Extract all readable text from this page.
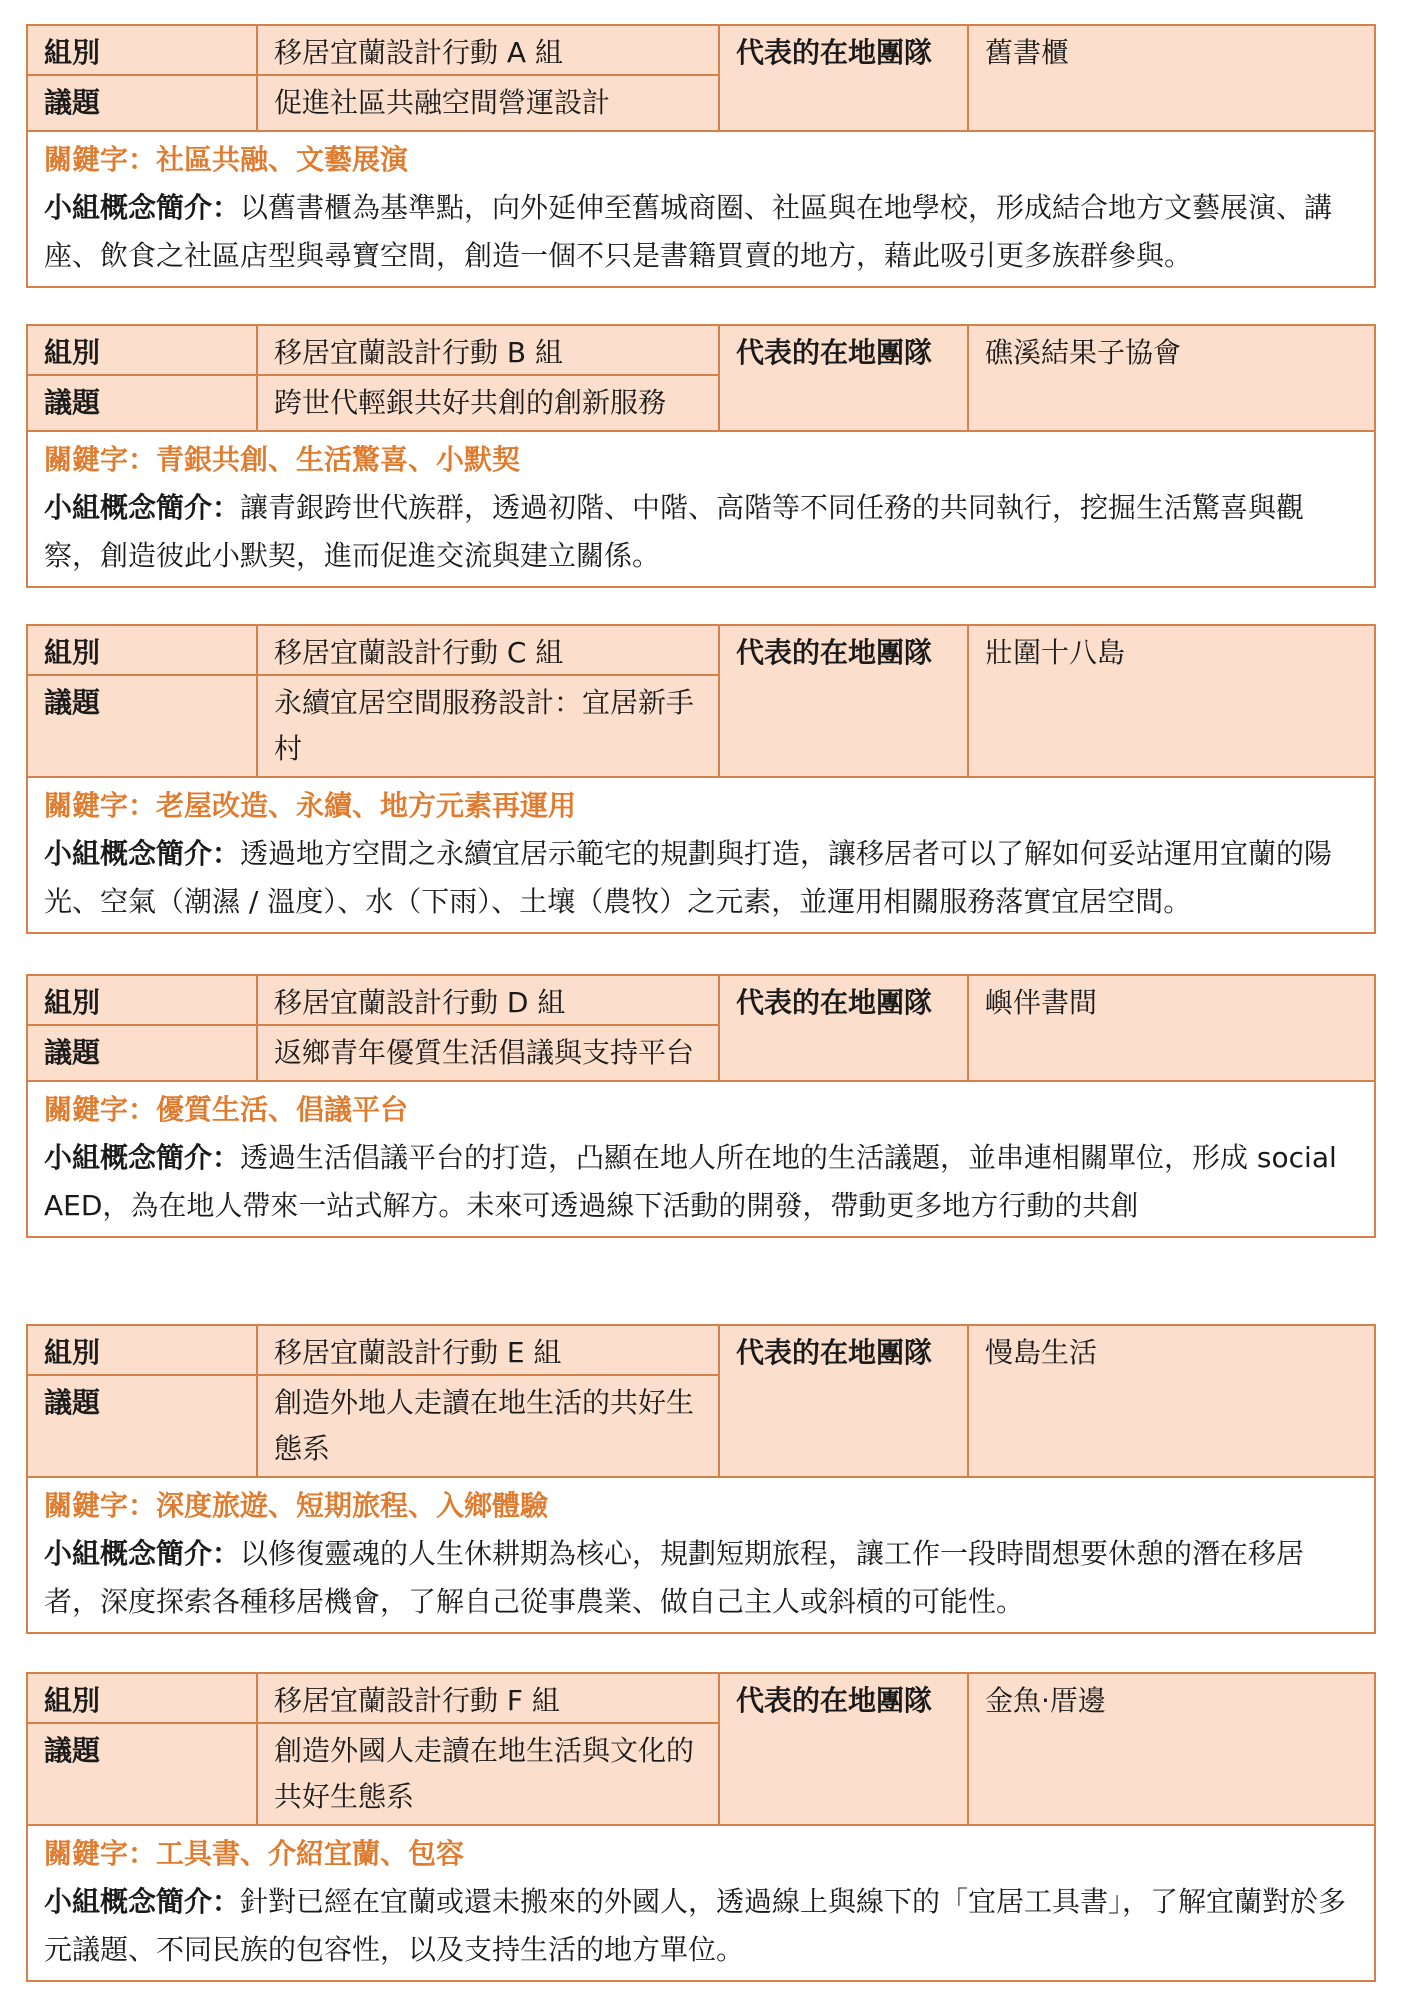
組別	移居宜蘭設計行動 A 組	代表的在地團隊	舊書櫃
議題	促進社區共融空間營運設計
關鍵字：社區共融、文藝展演
小組概念簡介：以舊書櫃為基準點，向外延伸至舊城商圈、社區與在地學校，形成結合地方文藝展演、講座、飲食之社區店型與尋寶空間，創造一個不只是書籍買賣的地方，藉此吸引更多族群參與。
組別	移居宜蘭設計行動 B 組	代表的在地團隊	礁溪結果子協會
議題	跨世代輕銀共好共創的創新服務
關鍵字：青銀共創、生活驚喜、小默契
小組概念簡介：讓青銀跨世代族群，透過初階、中階、高階等不同任務的共同執行，挖掘生活驚喜與觀察，創造彼此小默契，進而促進交流與建立關係。
組別	移居宜蘭設計行動 C 組	代表的在地團隊	壯圍十八島
議題	永續宜居空間服務設計：宜居新手村
關鍵字：老屋改造、永續、地方元素再運用
小組概念簡介：透過地方空間之永續宜居示範宅的規劃與打造，讓移居者可以了解如何妥站運用宜蘭的陽光、空氣（潮濕 / 溫度）、水（下雨）、土壤（農牧）之元素，並運用相關服務落實宜居空間。
組別	移居宜蘭設計行動 D 組	代表的在地團隊	嶼伴書間
議題	返鄉青年優質生活倡議與支持平台
關鍵字：優質生活、倡議平台
小組概念簡介：透過生活倡議平台的打造，凸顯在地人所在地的生活議題，並串連相關單位，形成 social AED，為在地人帶來一站式解方。未來可透過線下活動的開發，帶動更多地方行動的共創
組別	移居宜蘭設計行動 E 組	代表的在地團隊	慢島生活
議題	創造外地人走讀在地生活的共好生態系
關鍵字：深度旅遊、短期旅程、入鄉體驗
小組概念簡介：以修復靈魂的人生休耕期為核心，規劃短期旅程，讓工作一段時間想要休憩的潛在移居者，深度探索各種移居機會，了解自己從事農業、做自己主人或斜槓的可能性。
組別	移居宜蘭設計行動 F 組	代表的在地團隊	金魚·厝邊
議題	創造外國人走讀在地生活與文化的共好生態系
關鍵字：工具書、介紹宜蘭、包容
小組概念簡介：針對已經在宜蘭或還未搬來的外國人，透過線上與線下的「宜居工具書」，了解宜蘭對於多元議題、不同民族的包容性，以及支持生活的地方單位。
